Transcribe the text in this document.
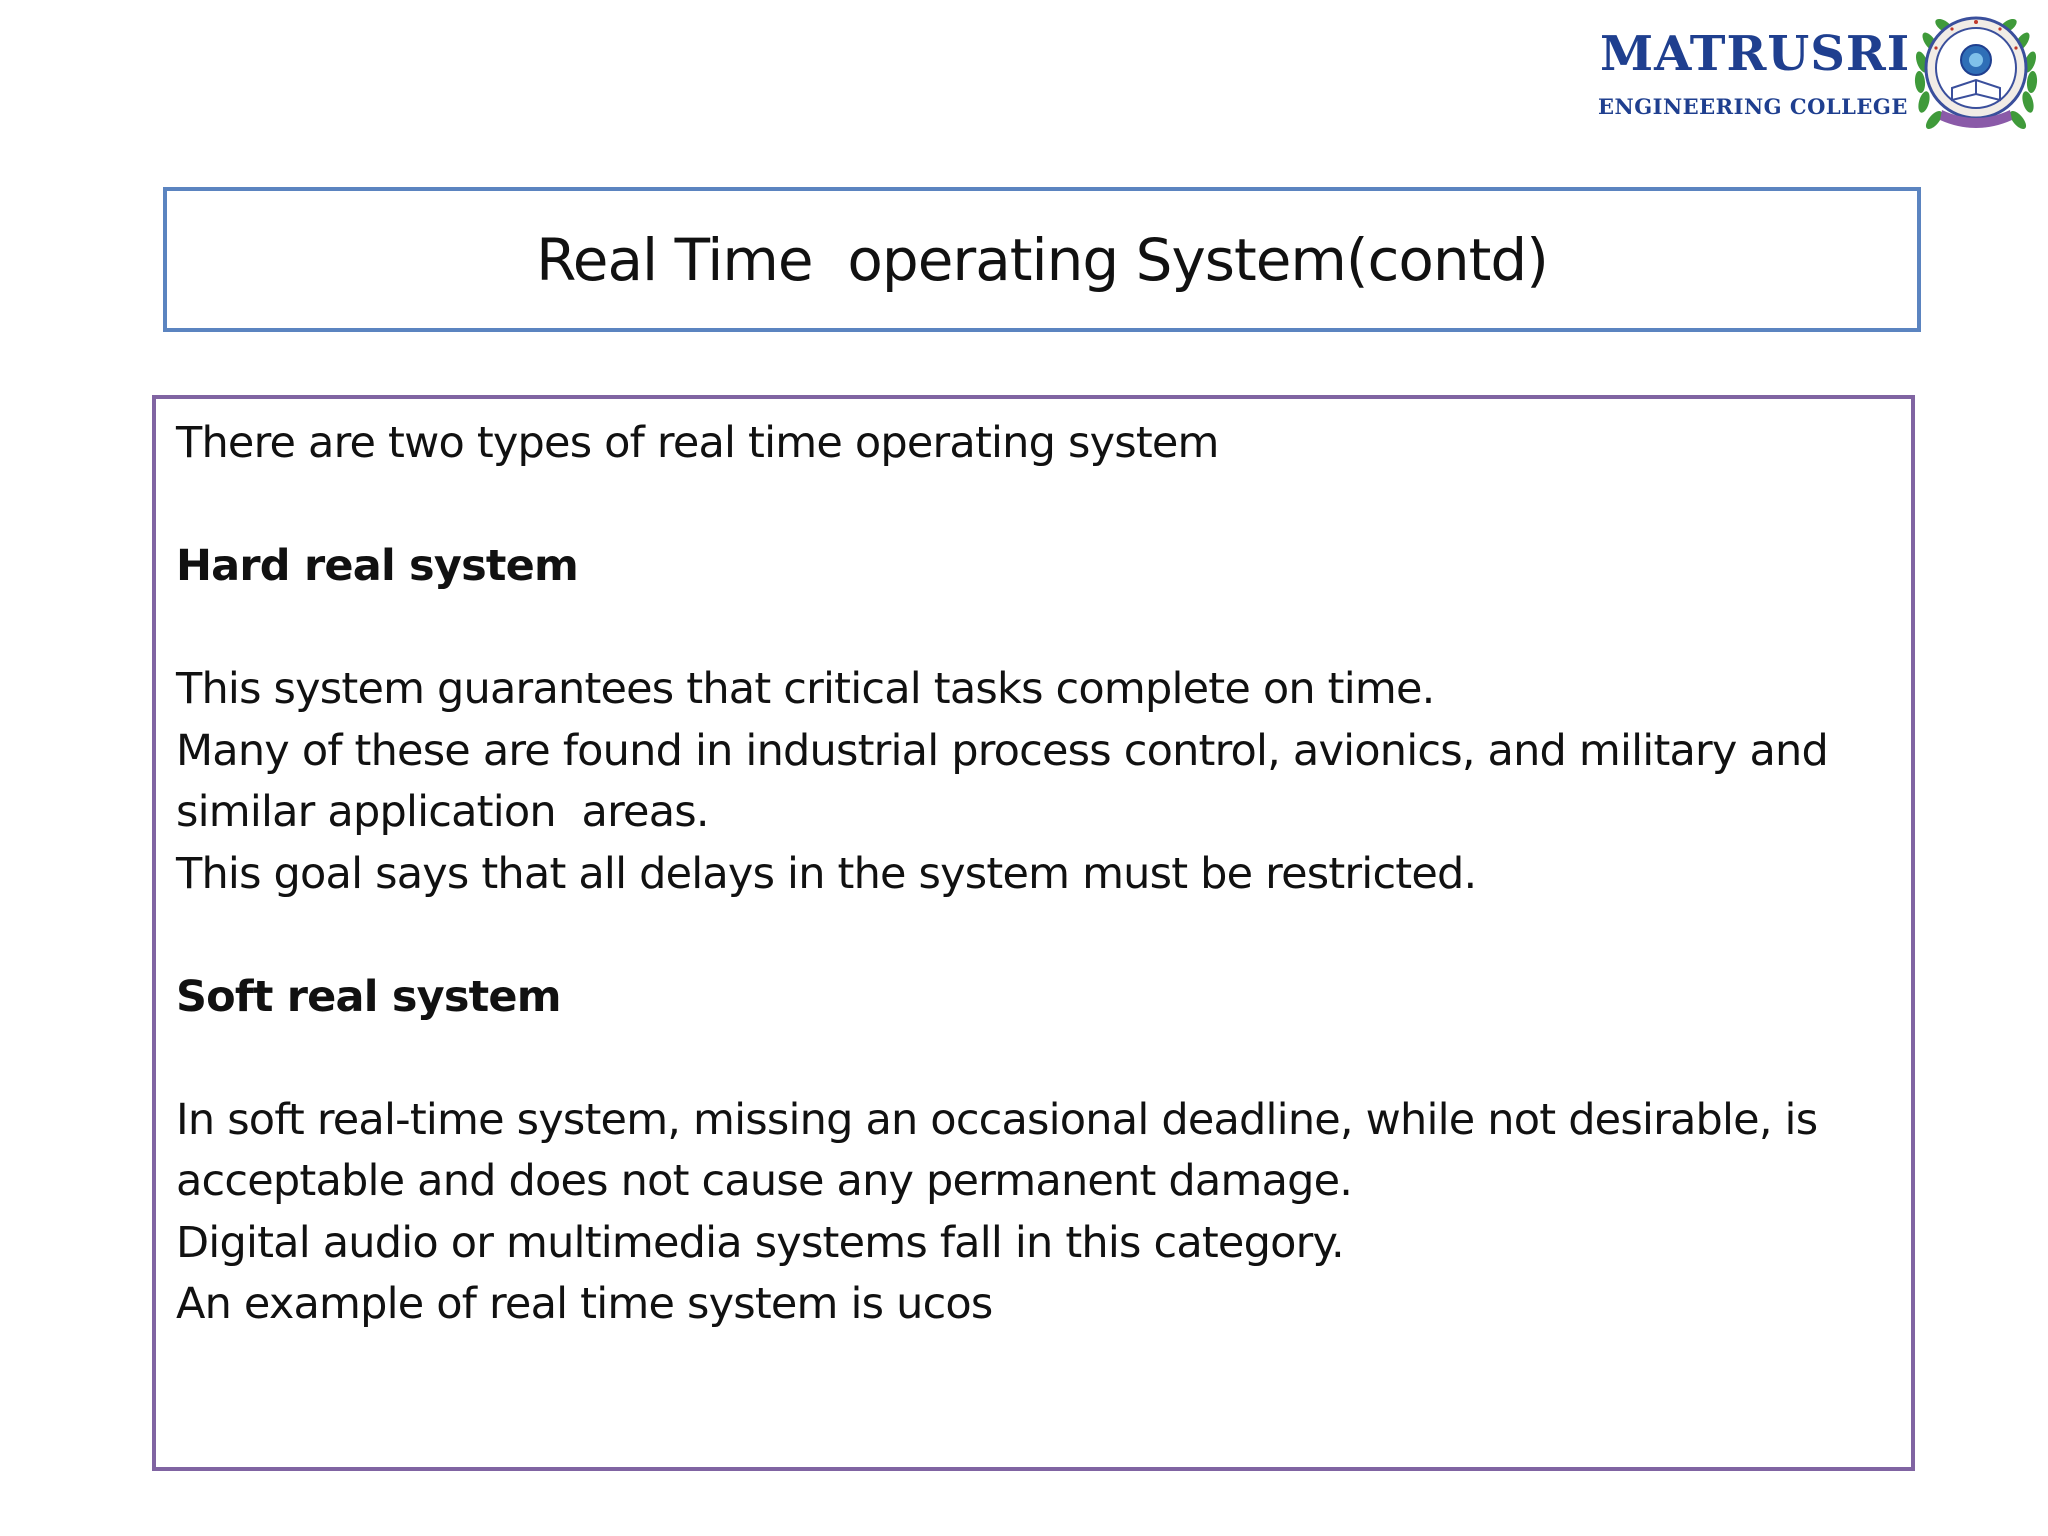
MATRUSRI
ENGINEERING COLLEGE
Real Time  operating System(contd)

There are two types of real time operating system

Hard real system

This system guarantees that critical tasks complete on time.

Many of these are found in industrial process control, avionics, and military and similar application  areas.

This goal says that all delays in the system must be restricted.

Soft real system

In soft real-time system, missing an occasional deadline, while not desirable, is acceptable and does not cause any permanent damage.

Digital audio or multimedia systems fall in this category.

An example of real time system is ucos
